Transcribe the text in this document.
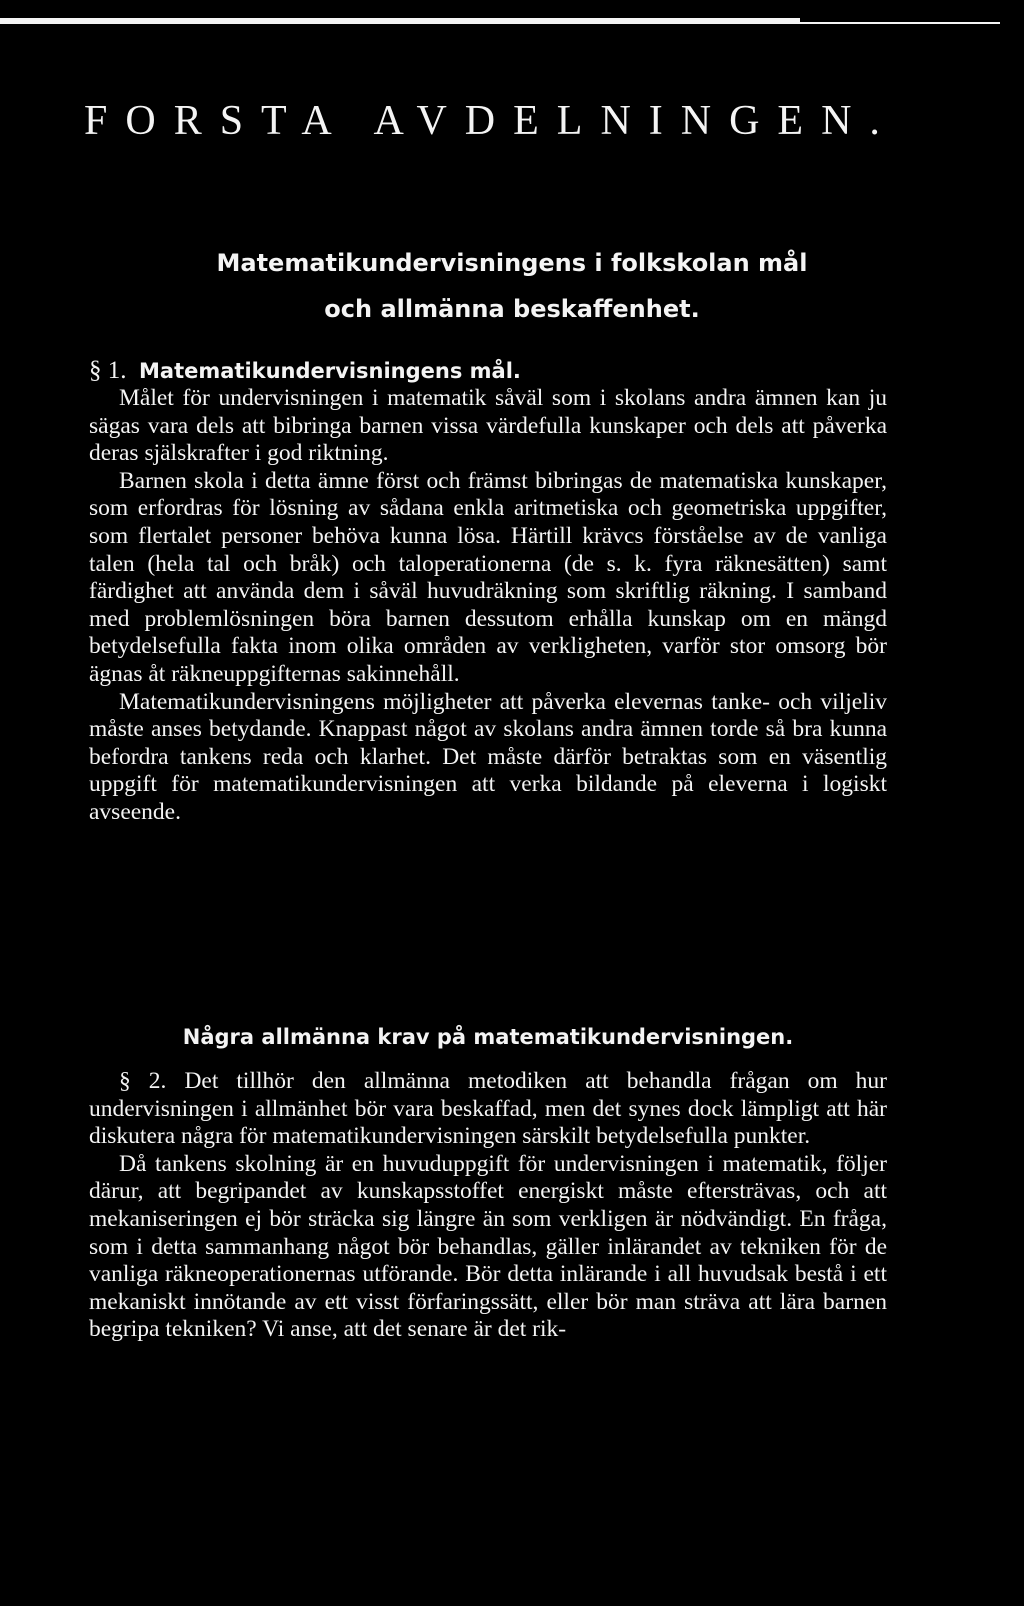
FORSTA AVDELNINGEN.
Matematikundervisningens i folkskolan mål
och allmänna beskaffenhet.

§ 1. Matematikundervisningens mål.

Målet för undervisningen i matematik såväl som i skolans andra ämnen kan ju sägas vara dels att bibringa barnen vissa värdefulla kunskaper och dels att påverka deras själskrafter i god riktning.

Barnen skola i detta ämne först och främst bibringas de matematiska kunskaper, som erfordras för lösning av sådana enkla aritmetiska och geometriska uppgifter, som flertalet personer behöva kunna lösa. Härtill krävcs förståelse av de vanliga talen (hela tal och bråk) och taloperationerna (de s. k. fyra räknesätten) samt färdighet att använda dem i såväl huvudräkning som skriftlig räkning. I samband med problemlösningen böra barnen dessutom erhålla kunskap om en mängd betydelsefulla fakta inom olika områden av verkligheten, varför stor omsorg bör ägnas åt räkneuppgifternas sakinnehåll.

Matematikundervisningens möjligheter att påverka elevernas tanke- och viljeliv måste anses betydande. Knappast något av skolans andra ämnen torde så bra kunna befordra tankens reda och klarhet. Det måste därför betraktas som en väsentlig uppgift för matematikundervisningen att verka bildande på eleverna i logiskt avseende.

Några allmänna krav på matematikundervisningen.

§ 2. Det tillhör den allmänna metodiken att behandla frågan om hur undervisningen i allmänhet bör vara beskaffad, men det synes dock lämpligt att här diskutera några för matematikundervisningen särskilt betydelsefulla punkter.

Då tankens skolning är en huvuduppgift för undervisningen i matematik, följer därur, att begripandet av kunskapsstoffet energiskt måste eftersträvas, och att mekaniseringen ej bör sträcka sig längre än som verkligen är nödvändigt. En fråga, som i detta sammanhang något bör behandlas, gäller inlärandet av tekniken för de vanliga räkneoperationernas utförande. Bör detta inlärande i all huvudsak bestå i ett mekaniskt innötande av ett visst förfaringssätt, eller bör man sträva att lära barnen begripa tekniken? Vi anse, att det senare är det rik-
